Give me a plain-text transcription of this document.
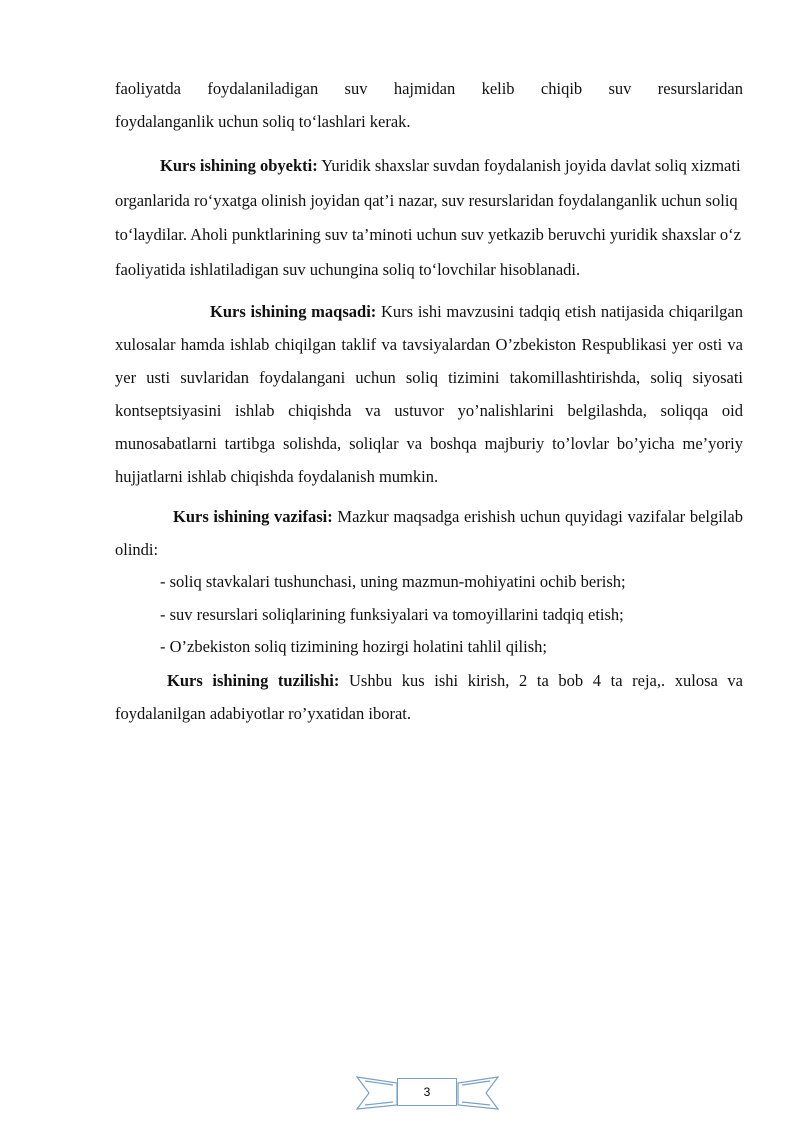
faoliyatda foydalaniladigan suv hajmidan kelib chiqib suv resurslaridan
foydalanganlik uchun soliq to‘lashlari kerak.

Kurs ishining obyekti: Yuridik shaxslar suvdan foydalanish joyida davlat soliq xizmati organlarida ro‘yxatga olinish joyidan qat’i nazar, suv resurslaridan foydalanganlik uchun soliq to‘laydilar. Aholi punktlarining suv ta’minoti uchun suv yetkazib beruvchi yuridik shaxslar o‘z faoliyatida ishlatiladigan suv uchungina soliq to‘lovchilar hisoblanadi.

Kurs ishining maqsadi: Kurs ishi mavzusini tadqiq etish natijasida chiqarilgan xulosalar hamda ishlab chiqilgan taklif va tavsiyalardan O’zbekiston Respublikasi yer osti va yer usti suvlaridan foydalangani uchun soliq tizimini takomillashtirishda, soliq siyosati kontseptsiyasini ishlab chiqishda va ustuvor yo’nalishlarini belgilashda, soliqqa oid munosabatlarni tartibga solishda, soliqlar va boshqa majburiy to’lovlar bo’yicha me’yoriy hujjatlarni ishlab chiqishda foydalanish mumkin.

Kurs ishining vazifasi: Mazkur maqsadga erishish uchun quyidagi vazifalar belgilab olindi:

- soliq stavkalari tushunchasi, uning mazmun-mohiyatini ochib berish;

- suv resurslari soliqlarining funksiyalari va tomoyillarini tadqiq etish;

- O’zbekiston soliq tizimining hozirgi holatini tahlil qilish;

Kurs ishining tuzilishi: Ushbu kus ishi kirish, 2 ta bob 4 ta reja,. xulosa va foydalanilgan adabiyotlar ro’yxatidan iborat.

3
